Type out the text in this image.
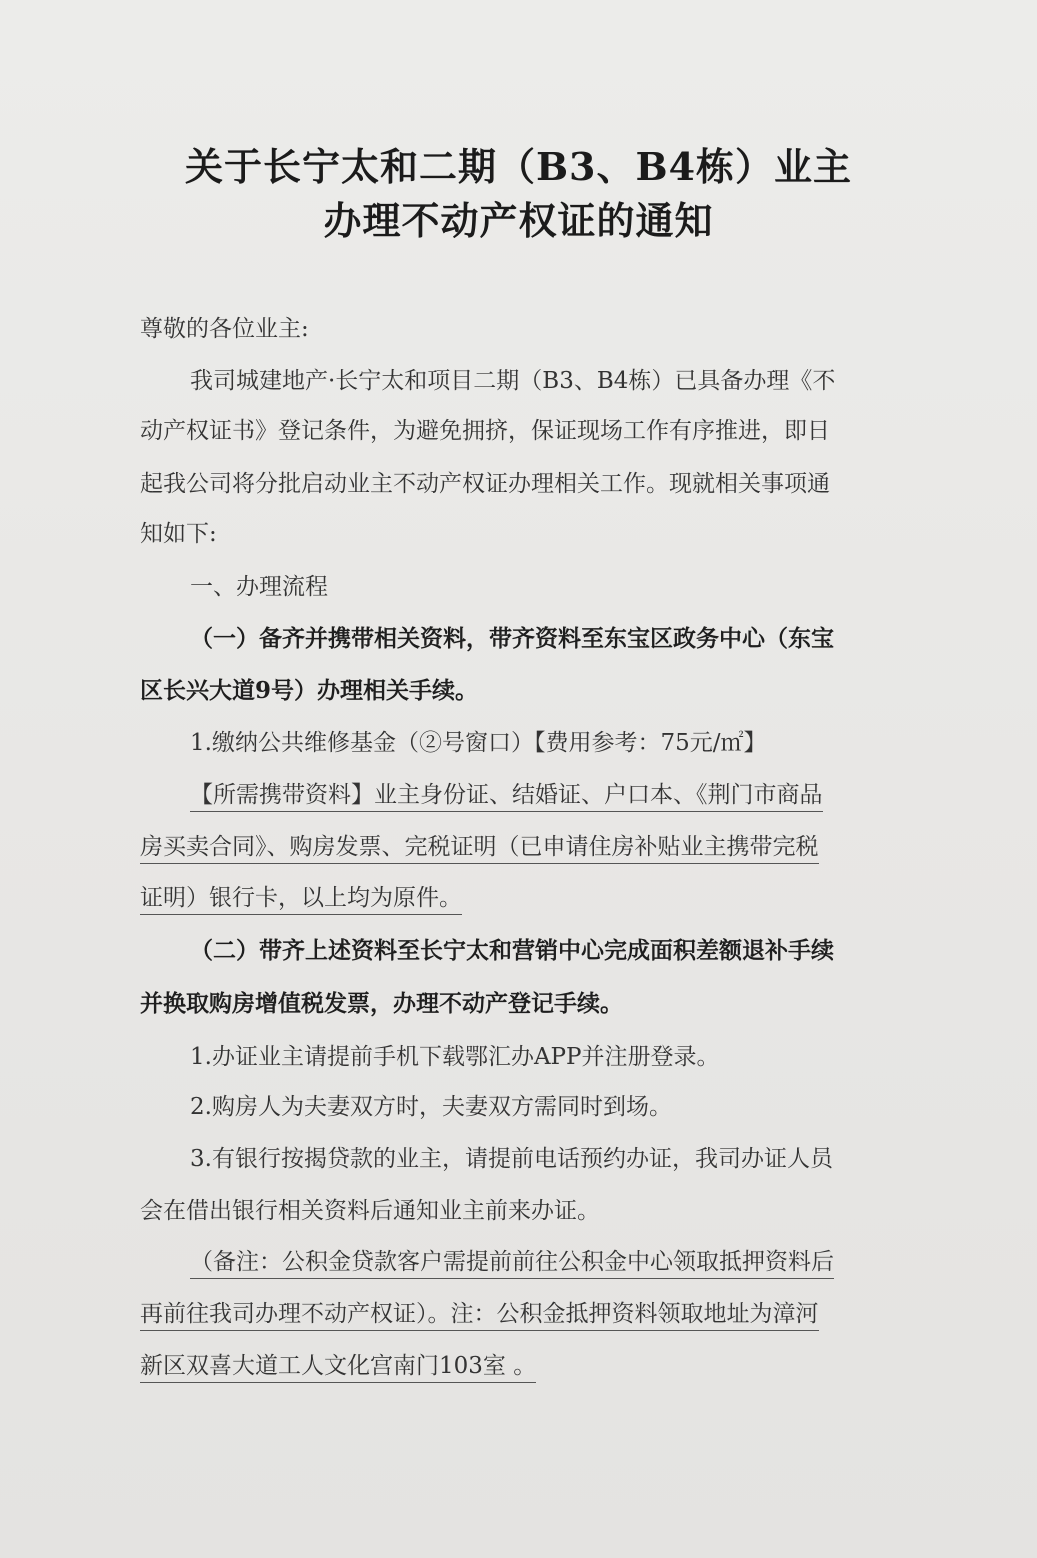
关于长宁太和二期（B3、B4栋）业主
办理不动产权证的通知
尊敬的各位业主:
我司城建地产·长宁太和项目二期（B3、B4栋）已具备办理《不
动产权证书》登记条件，为避免拥挤，保证现场工作有序推进，即日
起我公司将分批启动业主不动产权证办理相关工作。现就相关事项通
知如下:
一、办理流程
（一）备齐并携带相关资料，带齐资料至东宝区政务中心（东宝
区长兴大道9号）办理相关手续。
1.缴纳公共维修基金（②号窗口）【费用参考：75元/㎡】
【所需携带资料】业主身份证、结婚证、户口本、《荆门市商品
房买卖合同》、购房发票、完税证明（已申请住房补贴业主携带完税
证明）银行卡，以上均为原件。
（二）带齐上述资料至长宁太和营销中心完成面积差额退补手续
并换取购房增值税发票，办理不动产登记手续。
1.办证业主请提前手机下载鄂汇办APP并注册登录。
2.购房人为夫妻双方时，夫妻双方需同时到场。
3.有银行按揭贷款的业主，请提前电话预约办证，我司办证人员
会在借出银行相关资料后通知业主前来办证。
（备注：公积金贷款客户需提前前往公积金中心领取抵押资料后
再前往我司办理不动产权证）。注：公积金抵押资料领取地址为漳河
新区双喜大道工人文化宫南门103室 。
